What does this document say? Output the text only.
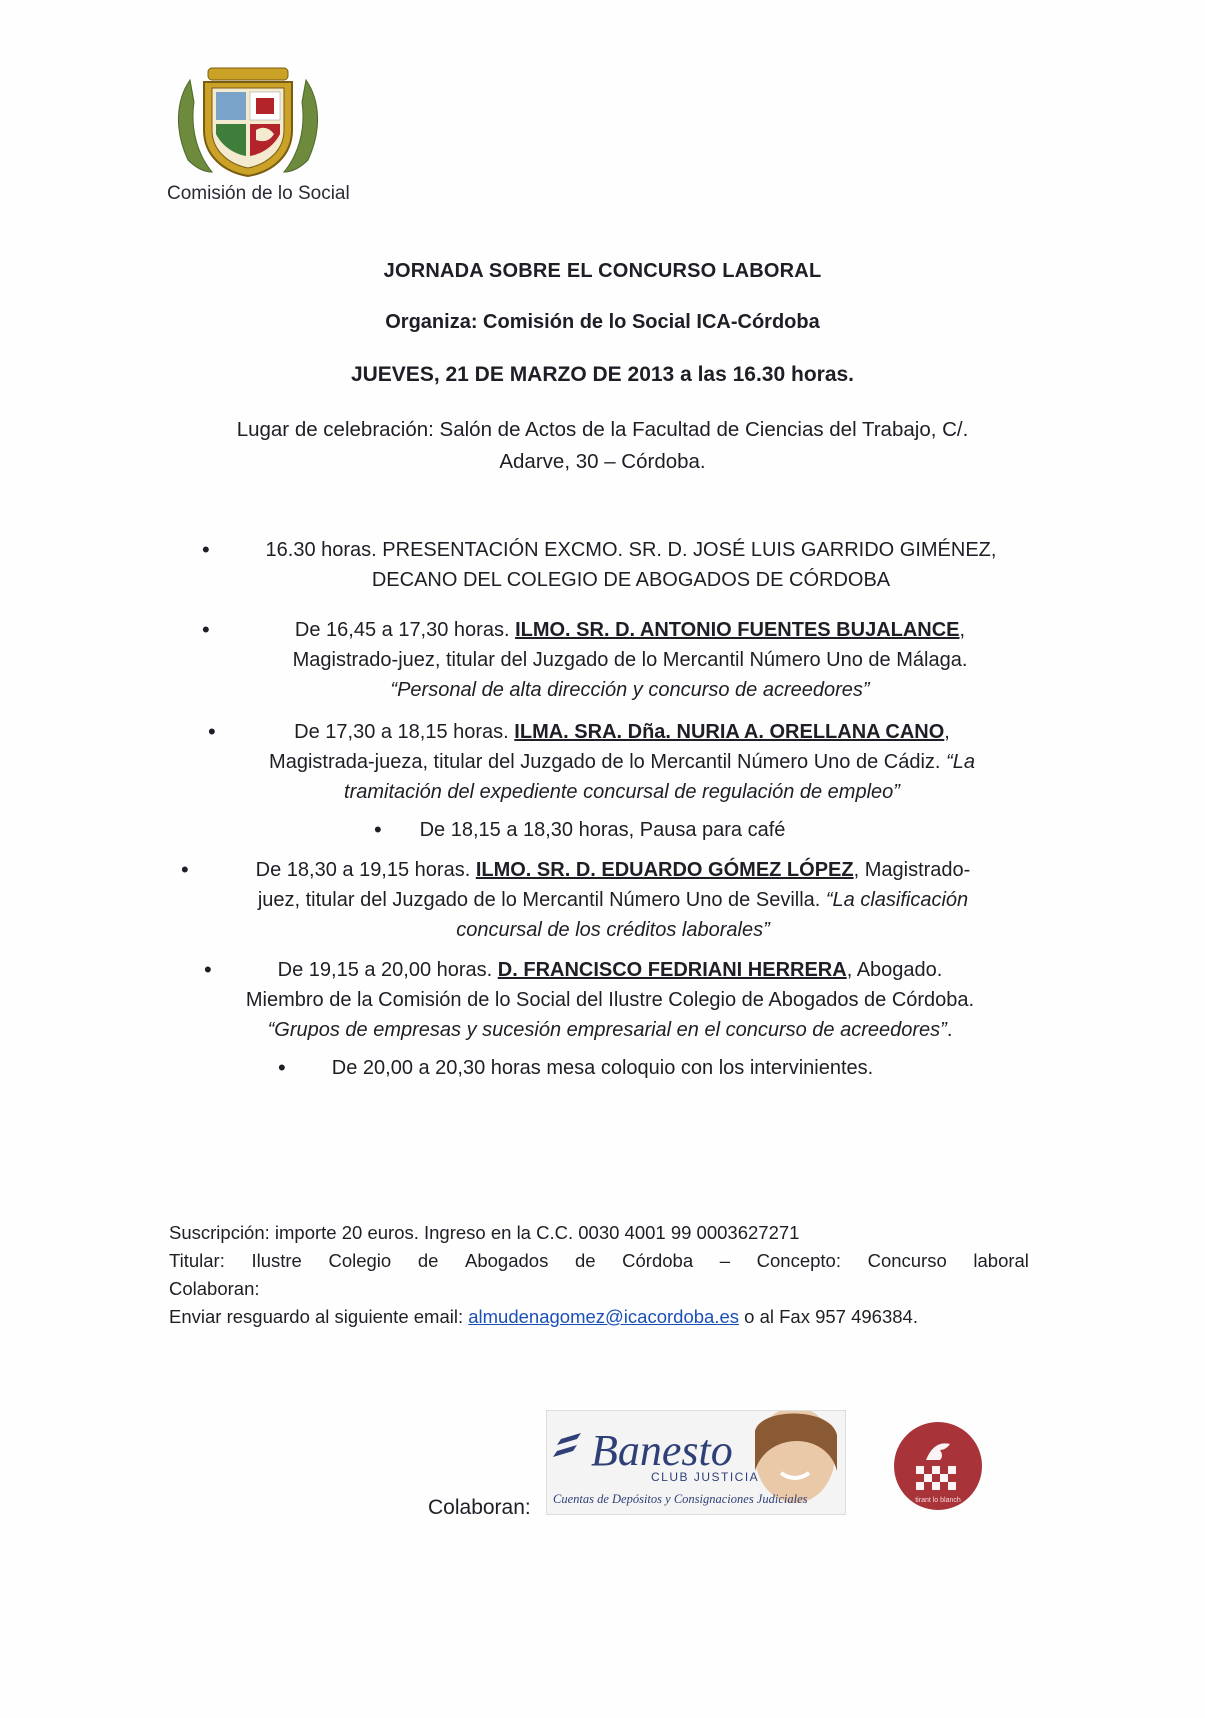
Comisión de lo Social
JORNADA SOBRE EL CONCURSO LABORAL
Organiza: Comisión de lo Social ICA-Córdoba
JUEVES, 21 DE MARZO DE 2013 a las 16.30 horas.
Lugar de celebración: Salón de Actos de la Facultad de Ciencias del Trabajo, C/.
Adarve, 30 – Córdoba.
•	16.30 horas. PRESENTACIÓN EXCMO. SR. D. JOSÉ LUIS GARRIDO GIMÉNEZ,
DECANO DEL COLEGIO DE ABOGADOS DE CÓRDOBA
•	De 16,45 a 17,30 horas. ILMO. SR. D. ANTONIO FUENTES BUJALANCE,
Magistrado-juez, titular del Juzgado de lo Mercantil Número Uno de Málaga.
“Personal de alta dirección y concurso de acreedores”
•	De 17,30 a 18,15 horas. ILMA. SRA. Dña. NURIA A. ORELLANA CANO,
Magistrada-jueza, titular del Juzgado de lo Mercantil Número Uno de Cádiz. “La
tramitación del expediente concursal de regulación de empleo”
•	De 18,15 a 18,30 horas, Pausa para café
•	De 18,30 a 19,15 horas. ILMO. SR. D. EDUARDO GÓMEZ LÓPEZ, Magistrado-
juez, titular del Juzgado de lo Mercantil Número Uno de Sevilla. “La clasificación
concursal de los créditos laborales”
•	De 19,15 a 20,00 horas. D. FRANCISCO FEDRIANI HERRERA, Abogado.
Miembro de la Comisión de lo Social del Ilustre Colegio de Abogados de Córdoba.
“Grupos de empresas y sucesión empresarial en el concurso de acreedores”.
•	De 20,00 a 20,30 horas mesa coloquio con los intervinientes.
Suscripción: importe 20 euros. Ingreso en la C.C. 0030 4001 99 0003627271
Titular: Ilustre Colegio de Abogados de Córdoba – Concepto: Concurso laboral
Colaboran:
Enviar resguardo al siguiente email: almudenagomez@icacordoba.es o al Fax 957 496384.
Colaboran:
Banesto
CLUB JUSTICIA
Cuentas de Depósitos y Consignaciones Judiciales	tirant lo blanch
